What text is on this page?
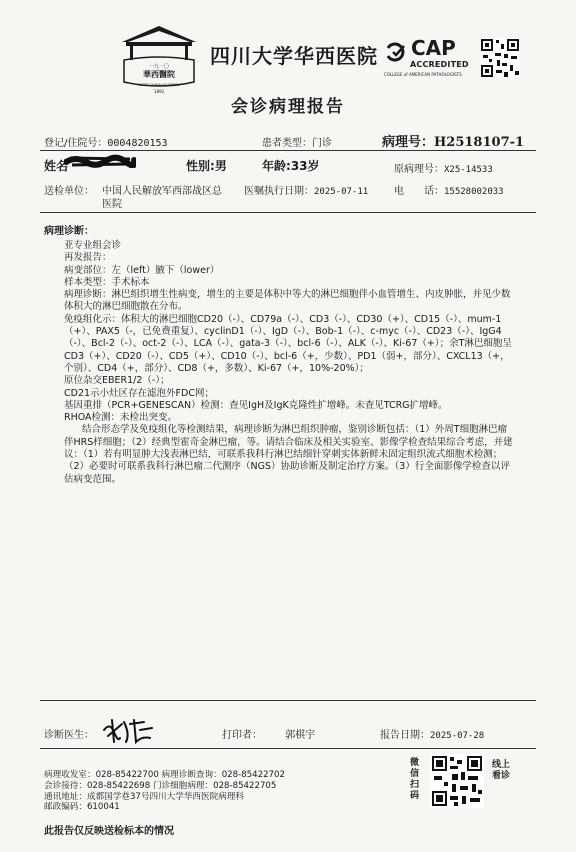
一九一〇
華西醫院
WEST CHINA HOSPITAL
1892
四川大学华西医院 CAP
ACCREDITED
COLLEGE of AMERICAN PATHOLOGISTS
会诊病理报告
登记/住院号：0004820153	患者类型：门诊	病理号：H2518107-1
姓名	性别:男	年龄:33岁	原病理号：X25-14533
送检单位： 中国人民解放军西部战区总
医院
医嘱执行日期：2025-07-11	电　　话：15528002033
病理诊断：

亚专业组会诊

再发报告：

病变部位：左（left）腋下（lower）

样本类型：手术标本

病理诊断：淋巴组织增生性病变，增生的主要是体积中等大的淋巴细胞伴小血管增生、内皮肿胀，并见少数体积大的淋巴细胞散在分布。

免疫组化示：体积大的淋巴细胞CD20（-）、CD79a（-）、CD3（-）、CD30（+）、CD15（-）、mum-1（+）、PAX5（-，已免费重复）、cyclinD1（-）、IgD（-）、Bob-1（-）、c-myc（-）、CD23（-）、IgG4（-）、Bcl-2（-）、oct-2（-）、LCA（-）、gata-3（-）、bcl-6（-）、ALK（-）、Ki-67（+）；余T淋巴细胞呈CD3（+）、CD20（-）、CD5（+）、CD10（-）、bcl-6（+，少数）、PD1（弱+，部分）、CXCL13（+，个别）、CD4（+，部分）、CD8（+，多数）、Ki-67（+，10%-20%）；

原位杂交EBER1/2（-）；

CD21示小灶区存在滤泡外FDC网；

基因重排（PCR+GENESCAN）检测：查见IgH及IgK克隆性扩增峰。未查见TCRG扩增峰。

RHOA检测：未检出突变。

结合形态学及免疫组化等检测结果，病理诊断为淋巴组织肿瘤，鉴别诊断包括：（1）外周T细胞淋巴瘤伴HRS样细胞；（2）经典型霍奇金淋巴瘤，等。请结合临床及相关实验室、影像学检查结果综合考虑，并建议：（1）若有明显肿大浅表淋巴结，可联系我科行淋巴结细针穿刺实体新鲜未固定组织流式细胞术检测；（2）必要时可联系我科行淋巴瘤二代测序（NGS）协助诊断及制定治疗方案。（3）行全面影像学检查以评估病变范围。

诊断医生：	打印者： 郭棋宇	报告日期：2025-07-28

病理收发室：028-85422700 病理诊断查询：028-85422702

会诊接待：028-85422698 门诊细胞病理：028-85422705

通讯地址：成都国学巷37号四川大学华西医院病理科

邮政编码：610041

微信扫码
线上看诊
此报告仅反映送检标本的情况
